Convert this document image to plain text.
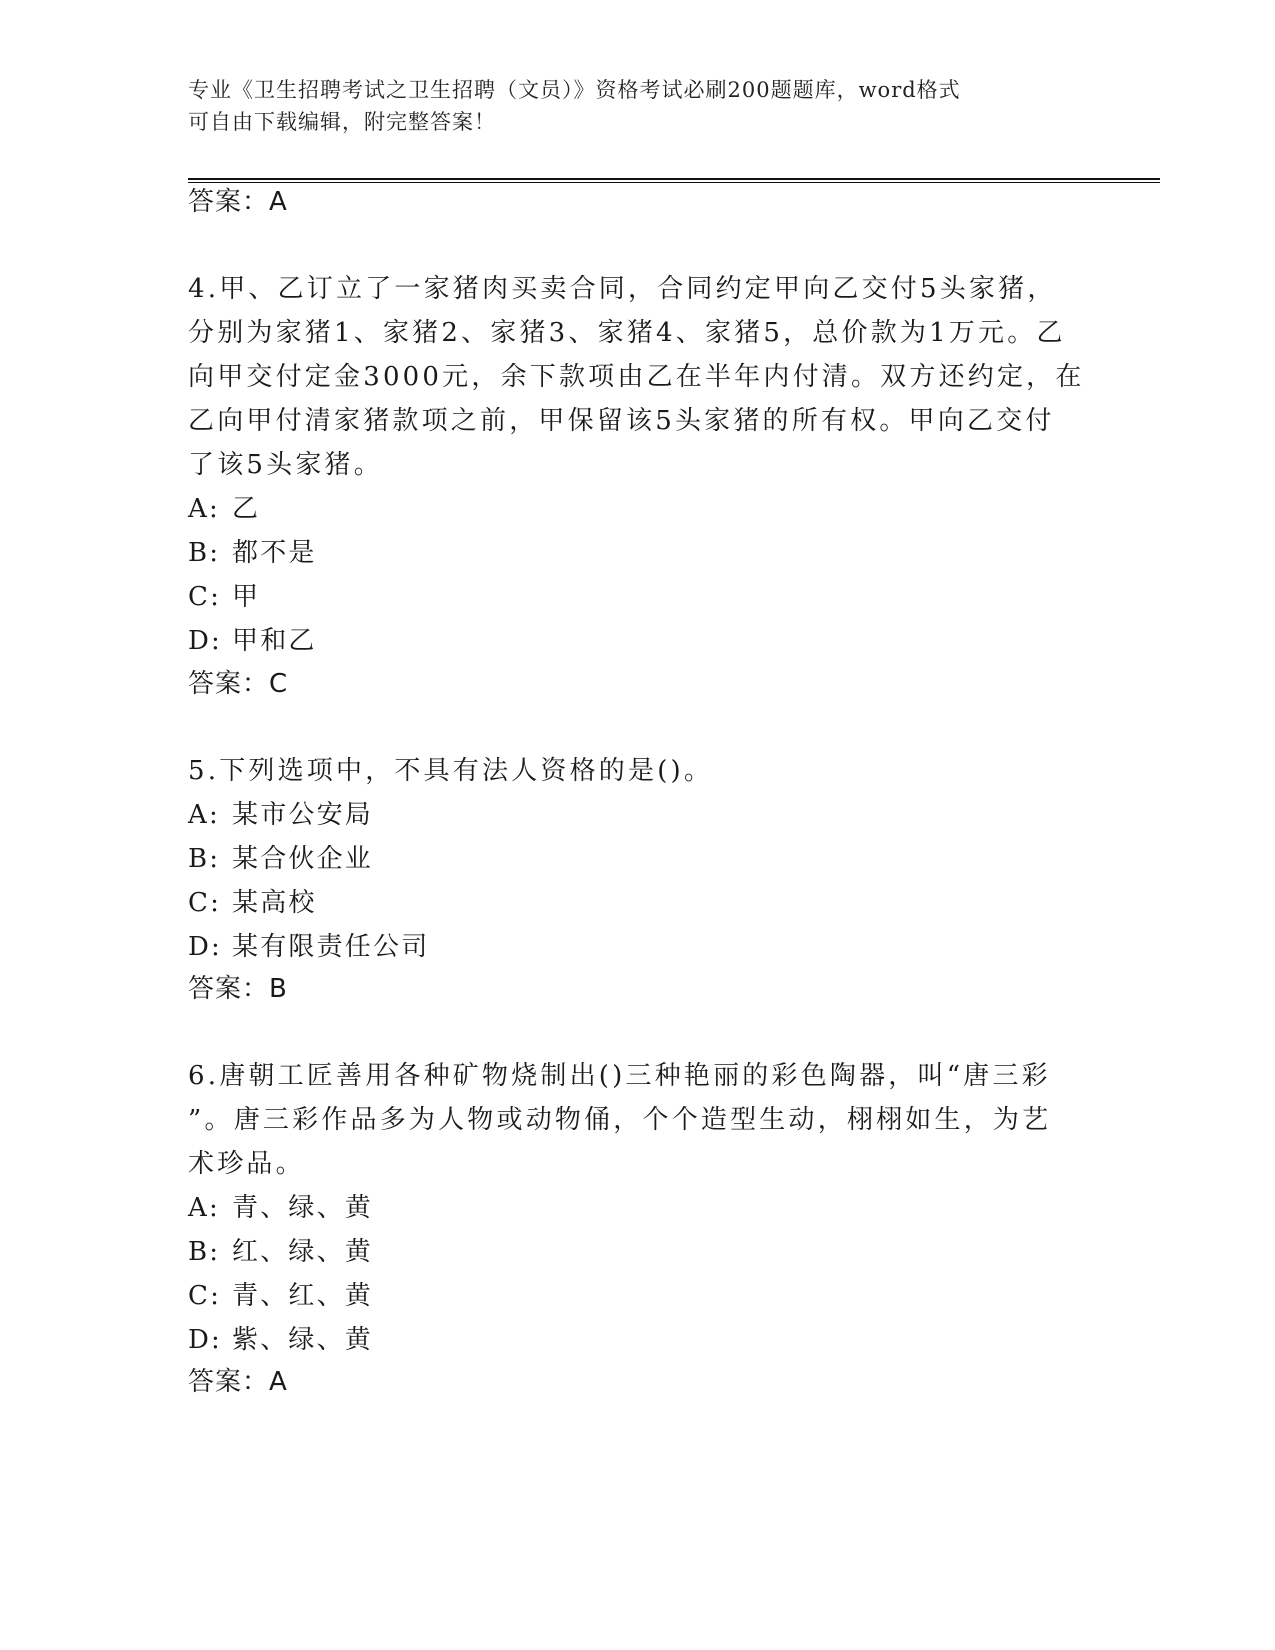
专业《卫生招聘考试之卫生招聘（文员）》资格考试必刷200题题库，word格式
可自由下载编辑，附完整答案！
答案：A
4.甲、乙订立了一家猪肉买卖合同，合同约定甲向乙交付5头家猪，
分别为家猪1、家猪2、家猪3、家猪4、家猪5，总价款为1万元。乙
向甲交付定金3000元，余下款项由乙在半年内付清。双方还约定，在
乙向甲付清家猪款项之前，甲保留该5头家猪的所有权。甲向乙交付
了该5头家猪。
A: 乙
B: 都不是
C: 甲
D: 甲和乙
答案：C
5.下列选项中，不具有法人资格的是()。
A: 某市公安局
B: 某合伙企业
C: 某高校
D: 某有限责任公司
答案：B
6.唐朝工匠善用各种矿物烧制出()三种艳丽的彩色陶器，叫“唐三彩
”。唐三彩作品多为人物或动物俑，个个造型生动，栩栩如生，为艺
术珍品。
A: 青、绿、黄
B: 红、绿、黄
C: 青、红、黄
D: 紫、绿、黄
答案：A
